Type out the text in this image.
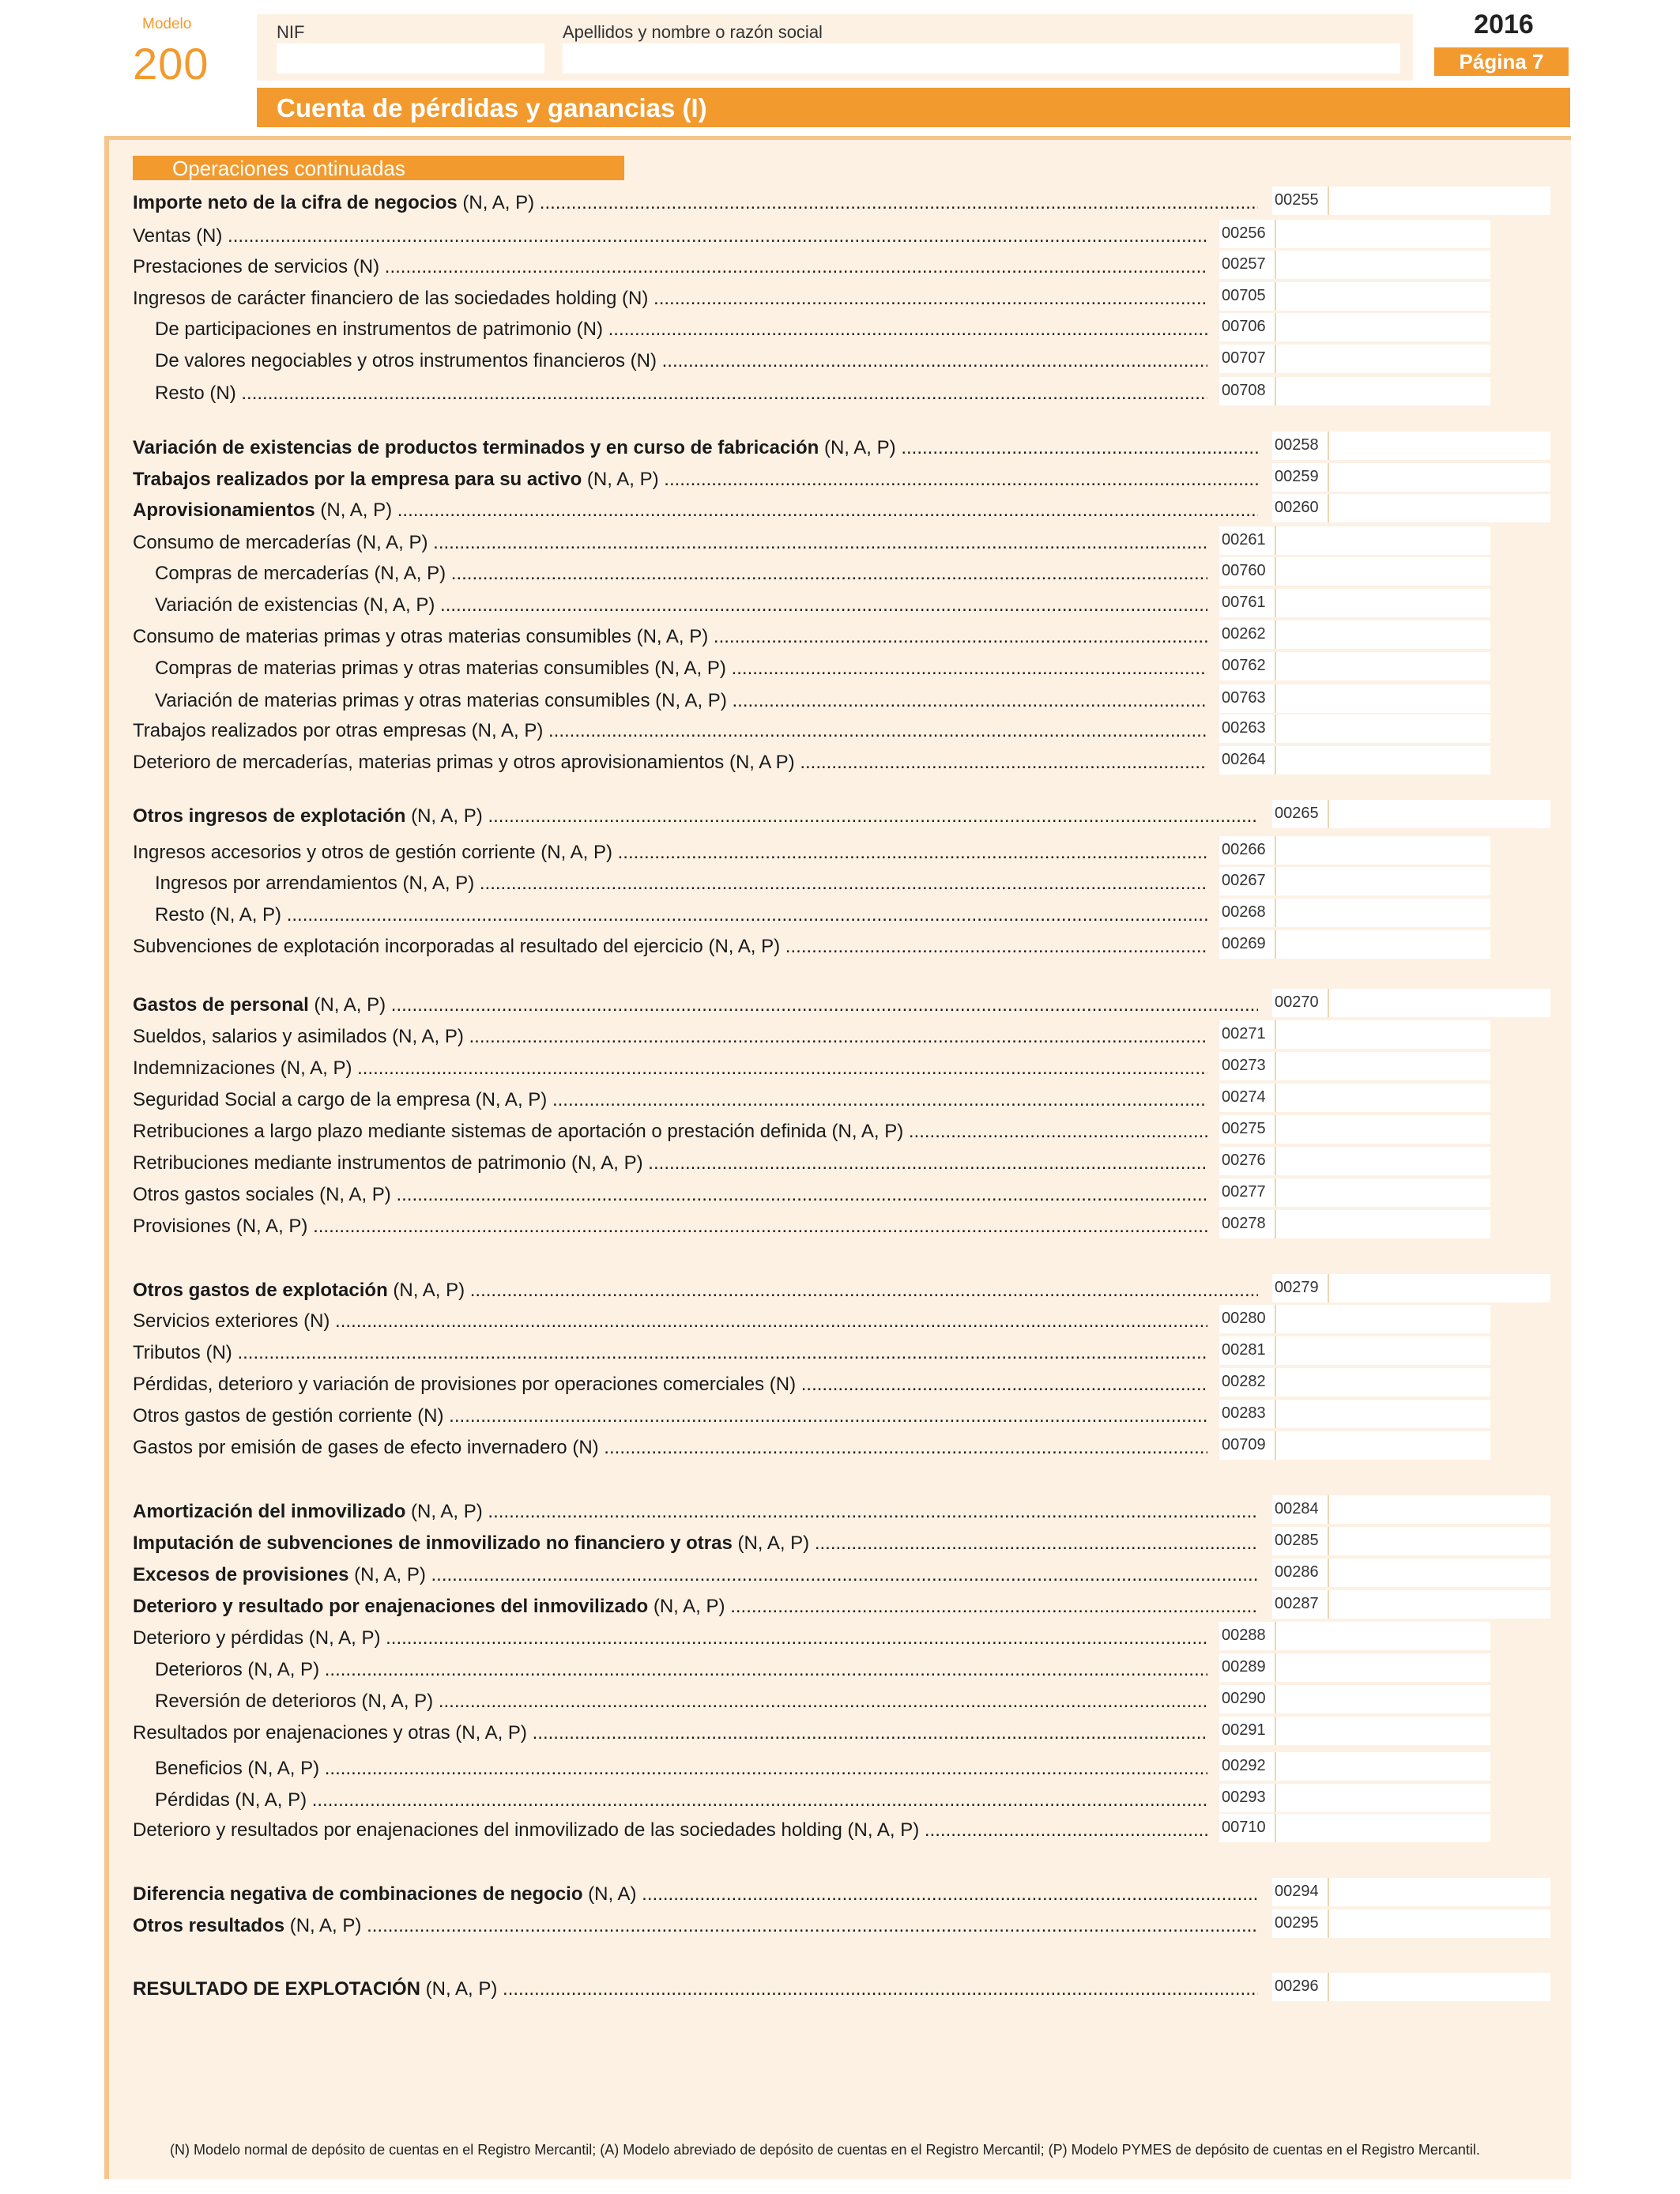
Modelo
200
NIF	Apellidos y nombre o razón social	2016
Página 7
Cuenta de pérdidas y ganancias (I)
Operaciones continuadas
Importe neto de la cifra de negocios (N, A, P) .....	00255
Ventas (N) .....	00256
Prestaciones de servicios (N) .....	00257
Ingresos de carácter financiero de las sociedades holding (N) .....	00705
De participaciones en instrumentos de patrimonio (N) .....	00706
De valores negociables y otros instrumentos financieros (N) .....	00707
Resto (N) .....	00708
Variación de existencias de productos terminados y en curso de fabricación (N, A, P) .....	00258
Trabajos realizados por la empresa para su activo (N, A, P) .....	00259
Aprovisionamientos (N, A, P) .....	00260
Consumo de mercaderías (N, A, P) .....	00261
Compras de mercaderías (N, A, P) .....	00760
Variación de existencias (N, A, P) .....	00761
Consumo de materias primas y otras materias consumibles (N, A, P) .....	00262
Compras de materias primas y otras materias consumibles (N, A, P) .....	00762
Variación de materias primas y otras materias consumibles (N, A, P) .....	00763
Trabajos realizados por otras empresas (N, A, P) .....	00263
Deterioro de mercaderías, materias primas y otros aprovisionamientos (N, A P) .....	00264
Otros ingresos de explotación (N, A, P) .....	00265
Ingresos accesorios y otros de gestión corriente (N, A, P) .....	00266
Ingresos por arrendamientos (N, A, P) .....	00267
Resto (N, A, P) .....	00268
Subvenciones de explotación incorporadas al resultado del ejercicio (N, A, P) .....	00269
Gastos de personal (N, A, P) .....	00270
Sueldos, salarios y asimilados (N, A, P) .....	00271
Indemnizaciones (N, A, P) .....	00273
Seguridad Social a cargo de la empresa (N, A, P) .....	00274
Retribuciones a largo plazo mediante sistemas de aportación o prestación definida (N, A, P) .....	00275
Retribuciones mediante instrumentos de patrimonio (N, A, P) .....	00276
Otros gastos sociales (N, A, P) .....	00277
Provisiones (N, A, P) .....	00278
Otros gastos de explotación (N, A, P) .....	00279
Servicios exteriores (N) .....	00280
Tributos (N) .....	00281
Pérdidas, deterioro y variación de provisiones por operaciones comerciales (N) .....	00282
Otros gastos de gestión corriente (N) .....	00283
Gastos por emisión de gases de efecto invernadero (N) .....	00709
Amortización del inmovilizado (N, A, P) .....	00284
Imputación de subvenciones de inmovilizado no financiero y otras (N, A, P) .....	00285
Excesos de provisiones (N, A, P) .....	00286
Deterioro y resultado por enajenaciones del inmovilizado (N, A, P) .....	00287
Deterioro y pérdidas (N, A, P) .....	00288
Deterioros (N, A, P) .....	00289
Reversión de deterioros (N, A, P) .....	00290
Resultados por enajenaciones y otras (N, A, P) .....	00291
Beneficios (N, A, P) .....	00292
Pérdidas (N, A, P) .....	00293
Deterioro y resultados por enajenaciones del inmovilizado de las sociedades holding (N, A, P) .....	00710
Diferencia negativa de combinaciones de negocio (N, A) .....	00294
Otros resultados (N, A, P) .....	00295
RESULTADO DE EXPLOTACIÓN (N, A, P) .....	00296
(N) Modelo normal de depósito de cuentas en el Registro Mercantil; (A) Modelo abreviado de depósito de cuentas en el Registro Mercantil; (P) Modelo PYMES de depósito de cuentas en el Registro Mercantil.
